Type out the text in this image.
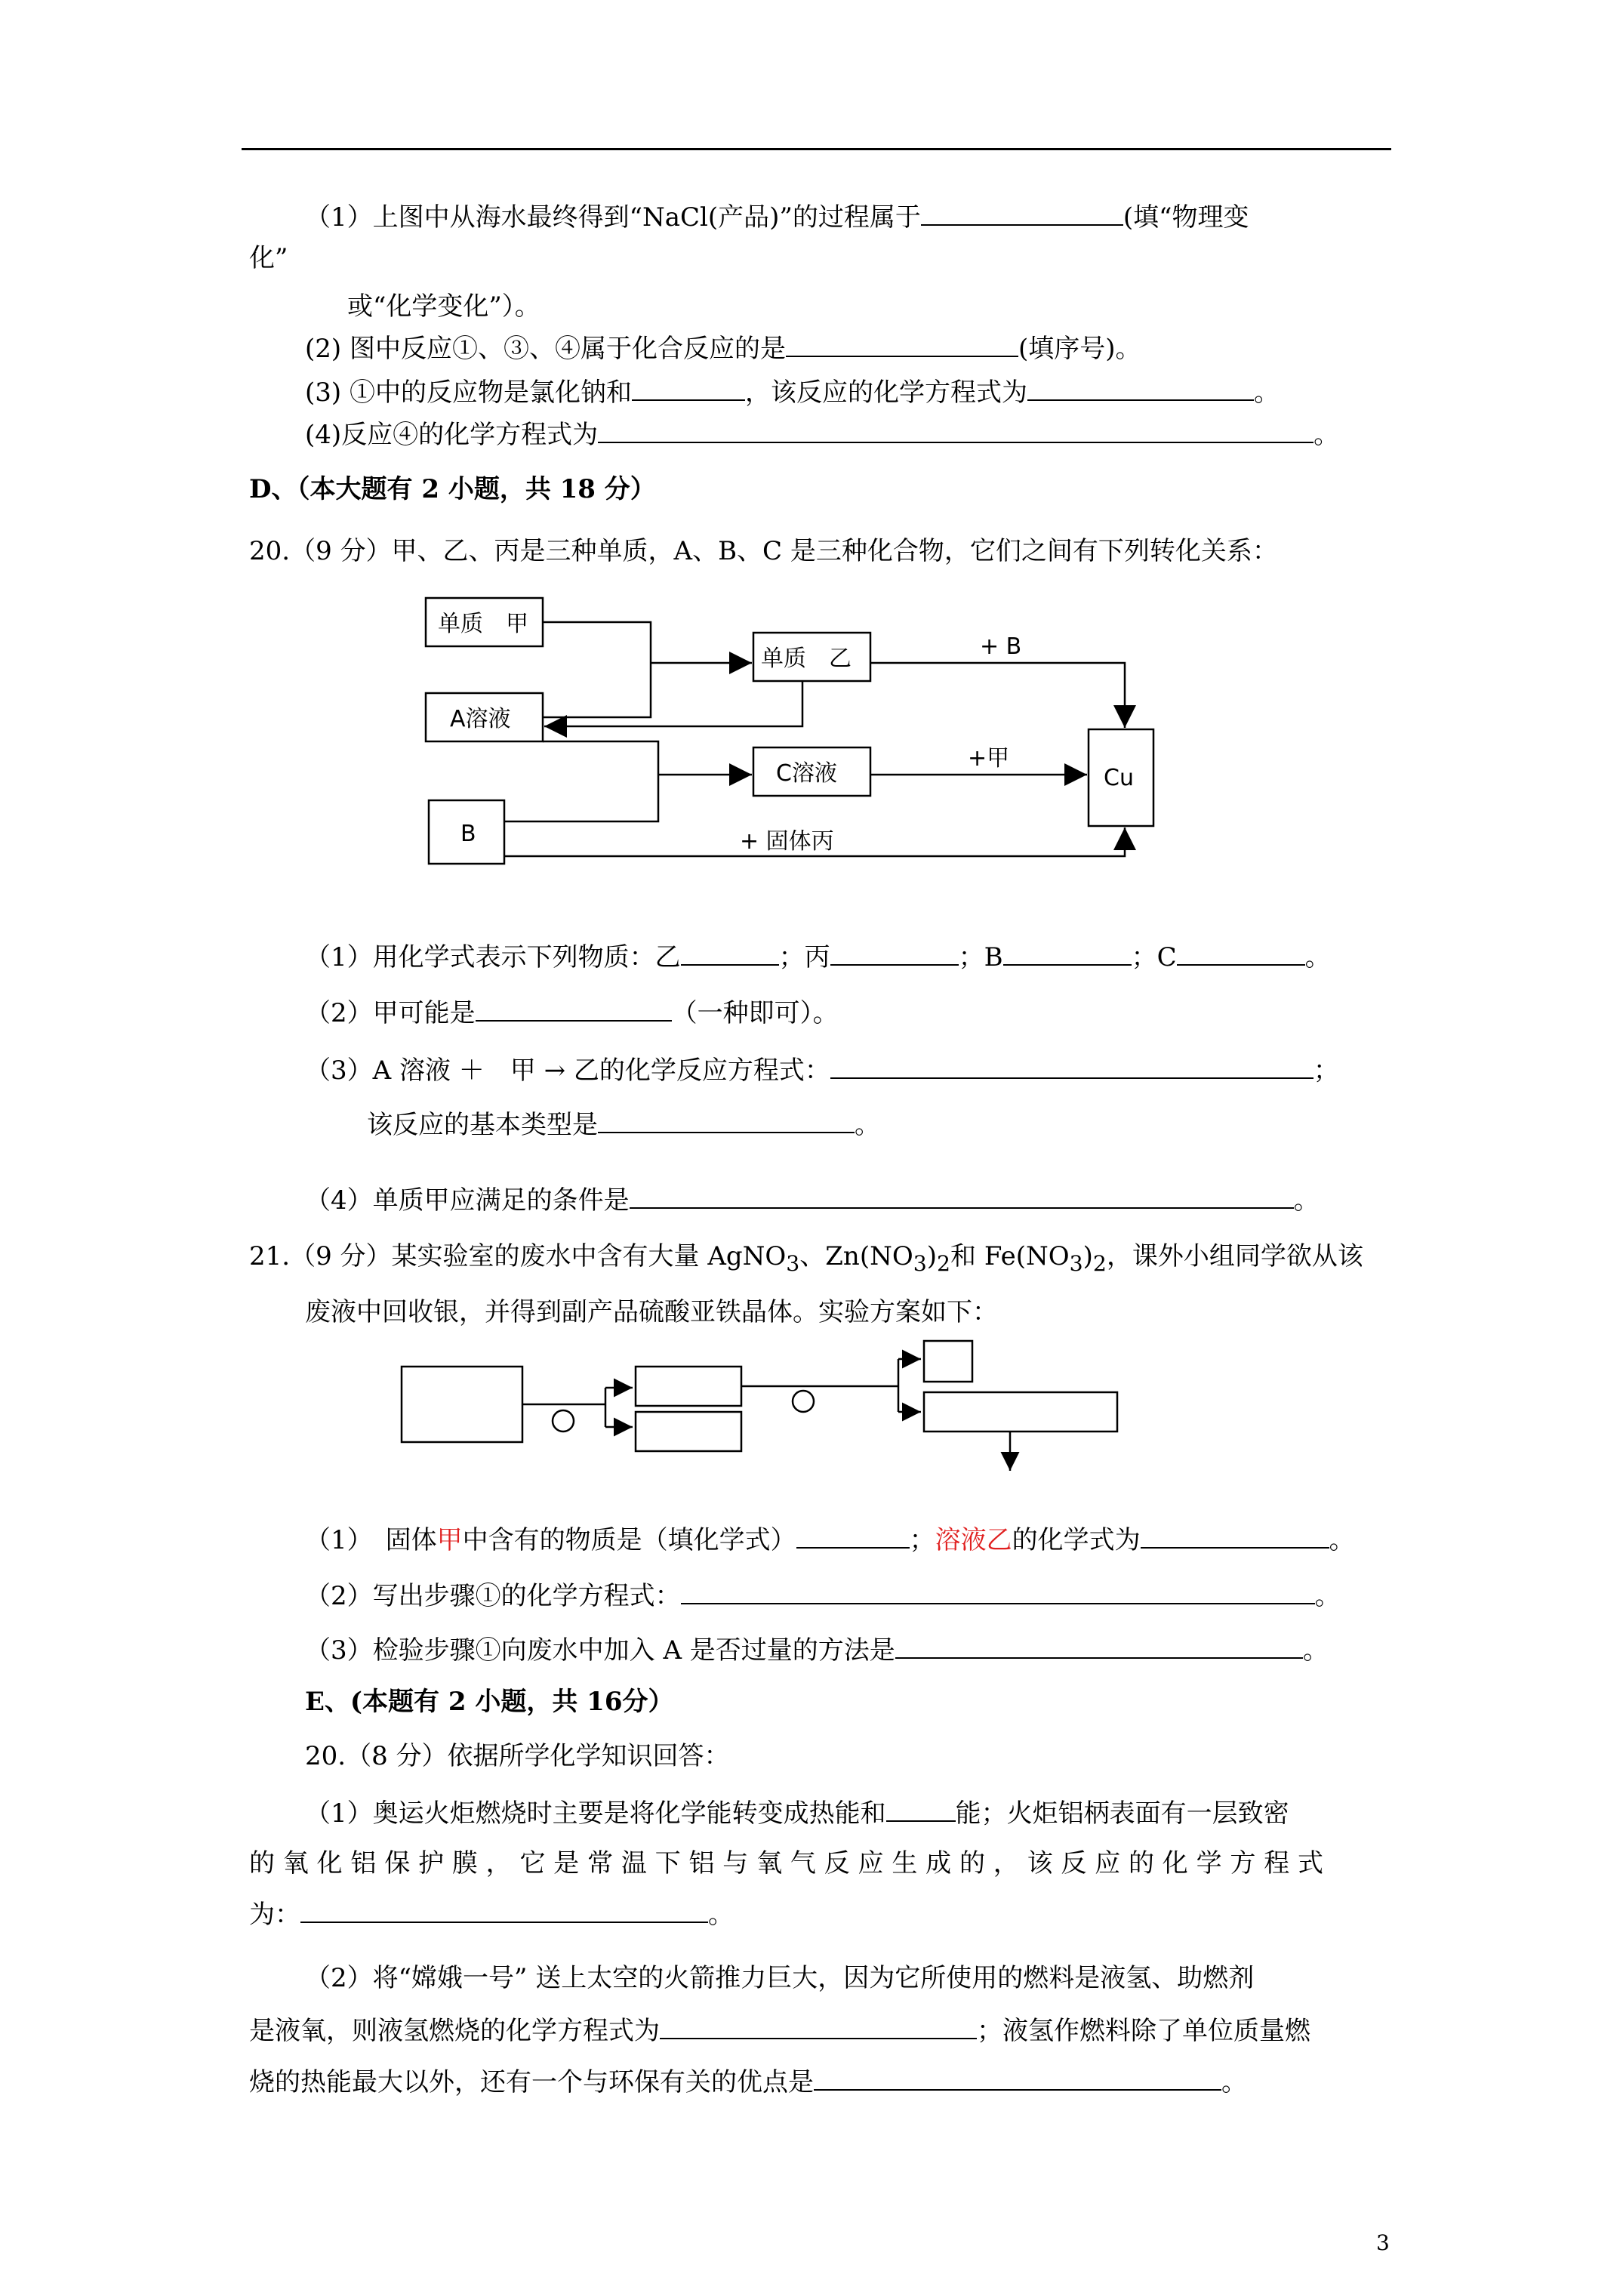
（1）上图中从海水最终得到“NaCl(产品)”的过程属于	(填“物理变
化”
或“化学变化”）。
(2) 图中反应①、③、④属于化合反应的是	(填序号)。
(3) ①中的反应物是氯化钠和	，该反应的化学方程式为	。
(4)反应④的化学方程式为	。
D、（本大题有 2 小题，共 18 分）
20.（9 分）甲、乙、丙是三种单质，A、B、C 是三种化合物，它们之间有下列转化关系：
单质　甲
单质　乙
A溶液
C溶液
B
Cu
+ B
+甲
+ 固体丙
（1）用化学式表示下列物质：乙	；丙	；B	；C	。
（2）甲可能是	（一种即可）。
（3）A 溶液 ＋　甲 → 乙的化学反应方程式：	；
该反应的基本类型是	。
（4）单质甲应满足的条件是	。
21.（9 分）某实验室的废水中含有大量 AgNO$_3$、$Zn(NO_3)_2$和 $Fe(NO_3)_2$，课外小组同学欲从该
废液中回收银，并得到副产品硫酸亚铁晶体。实验方案如下：
（1）　固体甲中含有的物质是（填化学式）	；溶液乙的化学式为	。
（2）写出步骤①的化学方程式：	。
（3）检验步骤①向废水中加入 A 是否过量的方法是	。
E、(本题有 2 小题，共 16分）
20.（8 分）依据所学化学知识回答：
（1）奥运火炬燃烧时主要是将化学能转变成热能和	能；火炬铝柄表面有一层致密
的 氧 化 铝 保 护 膜 ， 它 是 常 温 下 铝 与 氧 气 反 应 生 成 的 ， 该 反 应 的 化 学 方 程 式
为：	。
（2）将“嫦娥一号” 送上太空的火箭推力巨大，因为它所使用的燃料是液氢、助燃剂
是液氧，则液氢燃烧的化学方程式为	；液氢作燃料除了单位质量燃
烧的热能最大以外，还有一个与环保有关的优点是	。
3
